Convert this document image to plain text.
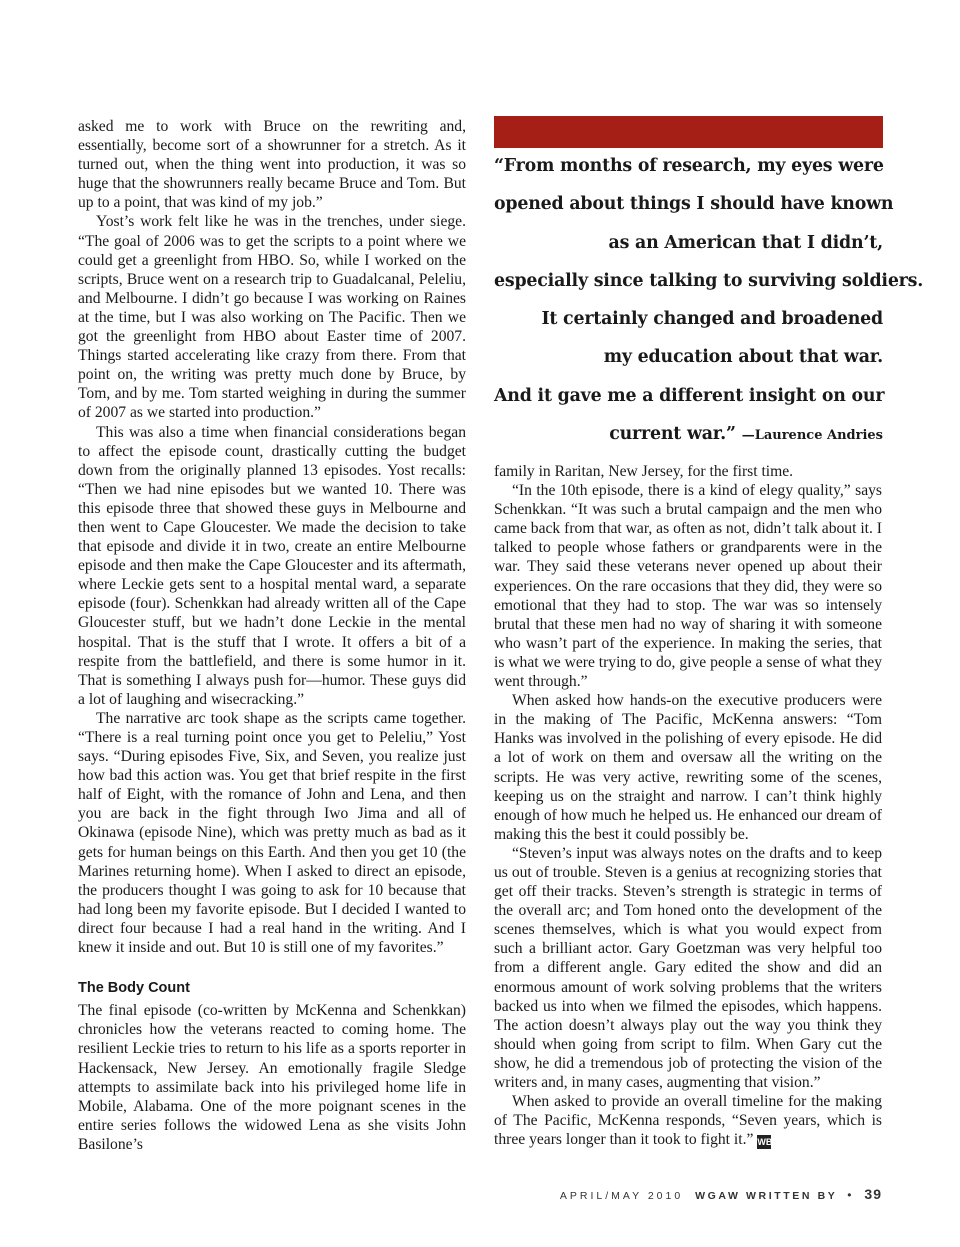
asked me to work with Bruce on the rewriting and, essentially, become sort of a showrunner for a stretch. As it turned out, when the thing went into production, it was so huge that the showrunners really became Bruce and Tom. But up to a point, that was kind of my job.”

Yost’s work felt like he was in the trenches, under siege. “The goal of 2006 was to get the scripts to a point where we could get a greenlight from HBO. So, while I worked on the scripts, Bruce went on a research trip to Guadalcanal, Peleliu, and Melbourne. I didn’t go because I was working on Raines at the time, but I was also working on The Pacific. Then we got the greenlight from HBO about Easter time of 2007. Things started accelerating like crazy from there. From that point on, the writing was pretty much done by Bruce, by Tom, and by me. Tom started weighing in during the summer of 2007 as we started into production.”

This was also a time when financial considerations began to affect the episode count, drastically cutting the budget down from the originally planned 13 episodes. Yost recalls: “Then we had nine episodes but we wanted 10. There was this episode three that showed these guys in Melbourne and then went to Cape Gloucester. We made the decision to take that episode and divide it in two, create an entire Melbourne episode and then make the Cape Gloucester and its aftermath, where Leckie gets sent to a hospital mental ward, a separate episode (four). Schenkkan had already written all of the Cape Gloucester stuff, but we hadn’t done Leckie in the mental hospital. That is the stuff that I wrote. It offers a bit of a respite from the battlefield, and there is some humor in it. That is something I always push for—humor. These guys did a lot of laughing and wisecracking.”

The narrative arc took shape as the scripts came together. “There is a real turning point once you get to Peleliu,” Yost says. “During episodes Five, Six, and Seven, you realize just how bad this action was. You get that brief respite in the first half of Eight, with the romance of John and Lena, and then you are back in the fight through Iwo Jima and all of Okinawa (episode Nine), which was pretty much as bad as it gets for human beings on this Earth. And then you get 10 (the Marines returning home). When I asked to direct an episode, the producers thought I was going to ask for 10 because that had long been my favorite episode. But I decided I wanted to direct four because I had a real hand in the writing. And I knew it inside and out. But 10 is still one of my favorites.”

The Body Count

The final episode (co-written by McKenna and Schenkkan) chronicles how the veterans reacted to coming home. The resilient Leckie tries to return to his life as a sports reporter in Hackensack, New Jersey. An emotionally fragile Sledge attempts to assimilate back into his privileged home life in Mobile, Alabama. One of the more poignant scenes in the entire series follows the widowed Lena as she visits John Basilone’s

“From months of research, my eyes were
opened about things I should have known
as an American that I didn’t,
especially since talking to surviving soldiers.
It certainly changed and broadened
my education about that war.
And it gave me a different insight on our
current war.” —Laurence Andries

family in Raritan, New Jersey, for the first time.

“In the 10th episode, there is a kind of elegy quality,” says Schenkkan. “It was such a brutal campaign and the men who came back from that war, as often as not, didn’t talk about it. I talked to people whose fathers or grandparents were in the war. They said these veterans never opened up about their experiences. On the rare occasions that they did, they were so emotional that they had to stop. The war was so intensely brutal that these men had no way of sharing it with someone who wasn’t part of the experience. In making the series, that is what we were trying to do, give people a sense of what they went through.”

When asked how hands-on the executive producers were in the making of The Pacific, McKenna answers: “Tom Hanks was involved in the polishing of every episode. He did a lot of work on them and oversaw all the writing on the scripts. He was very active, rewriting some of the scenes, keeping us on the straight and narrow. I can’t think highly enough of how much he helped us. He enhanced our dream of making this the best it could possibly be.

“Steven’s input was always notes on the drafts and to keep us out of trouble. Steven is a genius at recognizing stories that get off their tracks. Steven’s strength is strategic in terms of the overall arc; and Tom honed onto the development of the scenes themselves, which is what you would expect from such a brilliant actor. Gary Goetzman was very helpful too from a different angle. Gary edited the show and did an enormous amount of work solving problems that the writers backed us into when we filmed the episodes, which happens. The action doesn’t always play out the way you think they should when going from script to film. When Gary cut the show, he did a tremendous job of protecting the vision of the writers and, in many cases, augmenting that vision.”

When asked to provide an overall timeline for the making of The Pacific, McKenna responds, “Seven years, which is three years longer than it took to fight it.” WB

APRIL/MAY 2010 WGAW WRITTEN BY • 39
